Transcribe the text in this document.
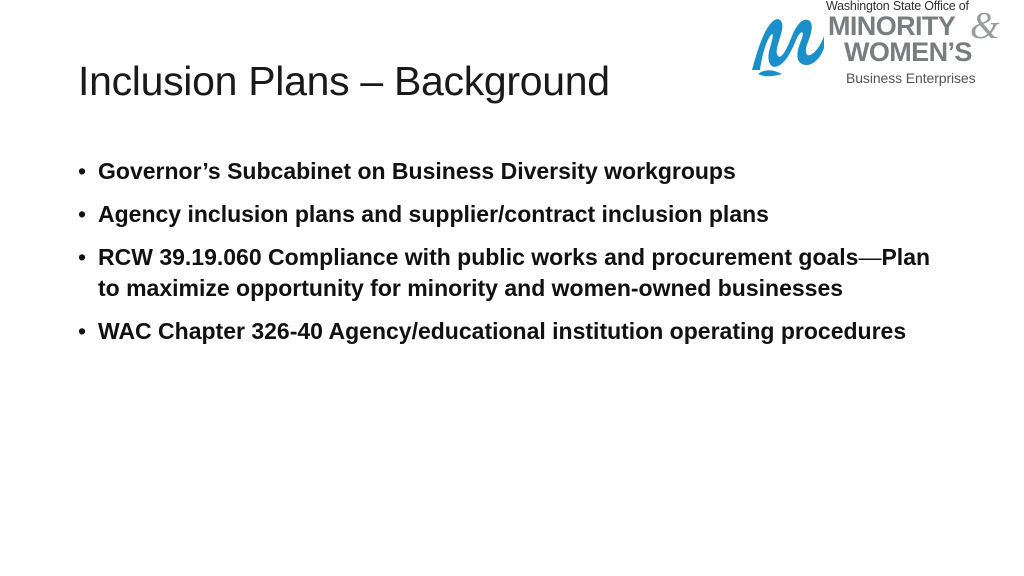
Washington State Office of
MINORITY &
WOMEN’S
Business Enterprises
Inclusion Plans – Background
• Governor’s Subcabinet on Business Diversity workgroups
• Agency inclusion plans and supplier/contract inclusion plans
• RCW 39.19.060 Compliance with public works and procurement goals—Plan to maximize opportunity for minority and women-owned businesses
• WAC Chapter 326-40 Agency/educational institution operating procedures
